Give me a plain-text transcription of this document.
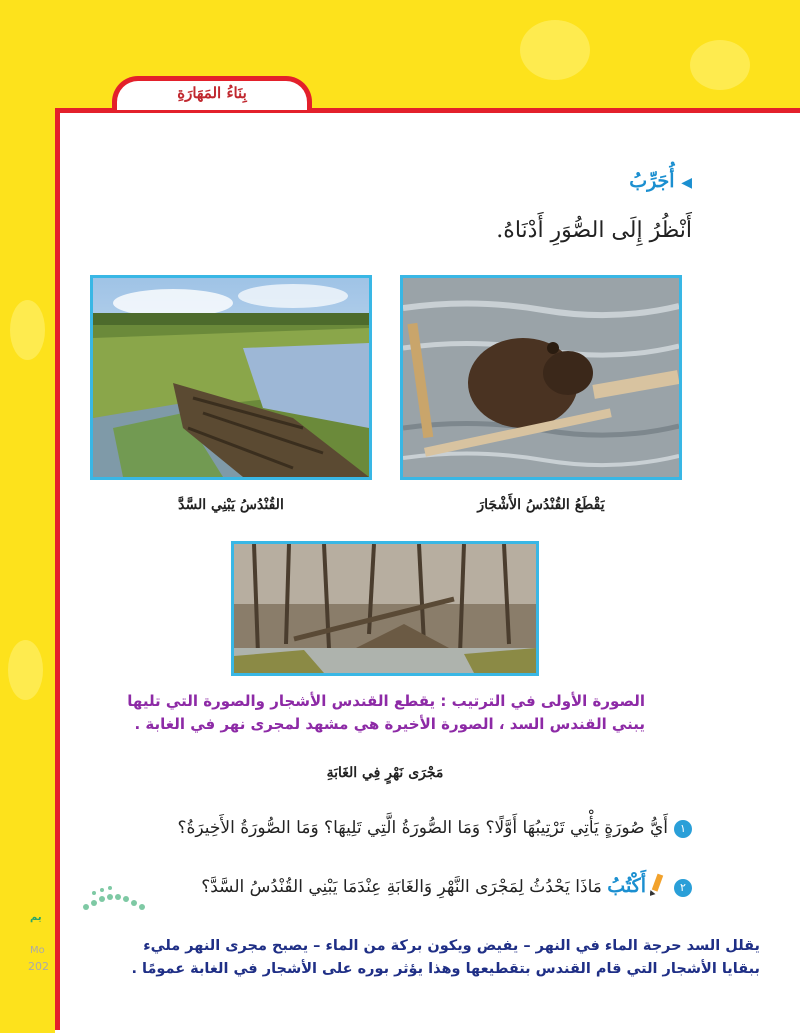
بِنَاءُ المَهَارَةِ
◀ أُجَرِّبُ
أَنْظُرُ إِلَى الصُّوَرِ أَدْنَاهُ.
القُنْدُسُ يَبْنِي السَّدَّ	يَقْطَعُ القُنْدُسُ الأَشْجَارَ
الصورة الأولى في الترتيب : يقطع القندس الأشجار والصورة التي تليها
يبني القندس السد ، الصورة الأخيرة هي مشهد لمجرى نهر في الغابة .
مَجْرَى نَهْرٍ فِي الغَابَةِ
١أَيُّ صُورَةٍ يَأْتِي تَرْتِيبُهَا أَوَّلًا؟ وَمَا الصُّورَةُ الَّتِي تَلِيهَا؟ وَمَا الصُّورَةُ الأَخِيرَةُ؟
٢أَكْتُبُ مَاذَا يَحْدُثُ لِمَجْرَى النَّهْرِ وَالغَابَةِ عِنْدَمَا يَبْنِي القُنْدُسُ السَّدَّ؟
يقلل السد حرجة الماء في النهر – يفيض ويكون بركة من الماء – يصبح مجرى النهر مليء
ببقايا الأشجار التي قام القندس بتقطيعها وهذا يؤثر بوره على الأشجار في الغابة عمومًا .
يم
Mo
202
